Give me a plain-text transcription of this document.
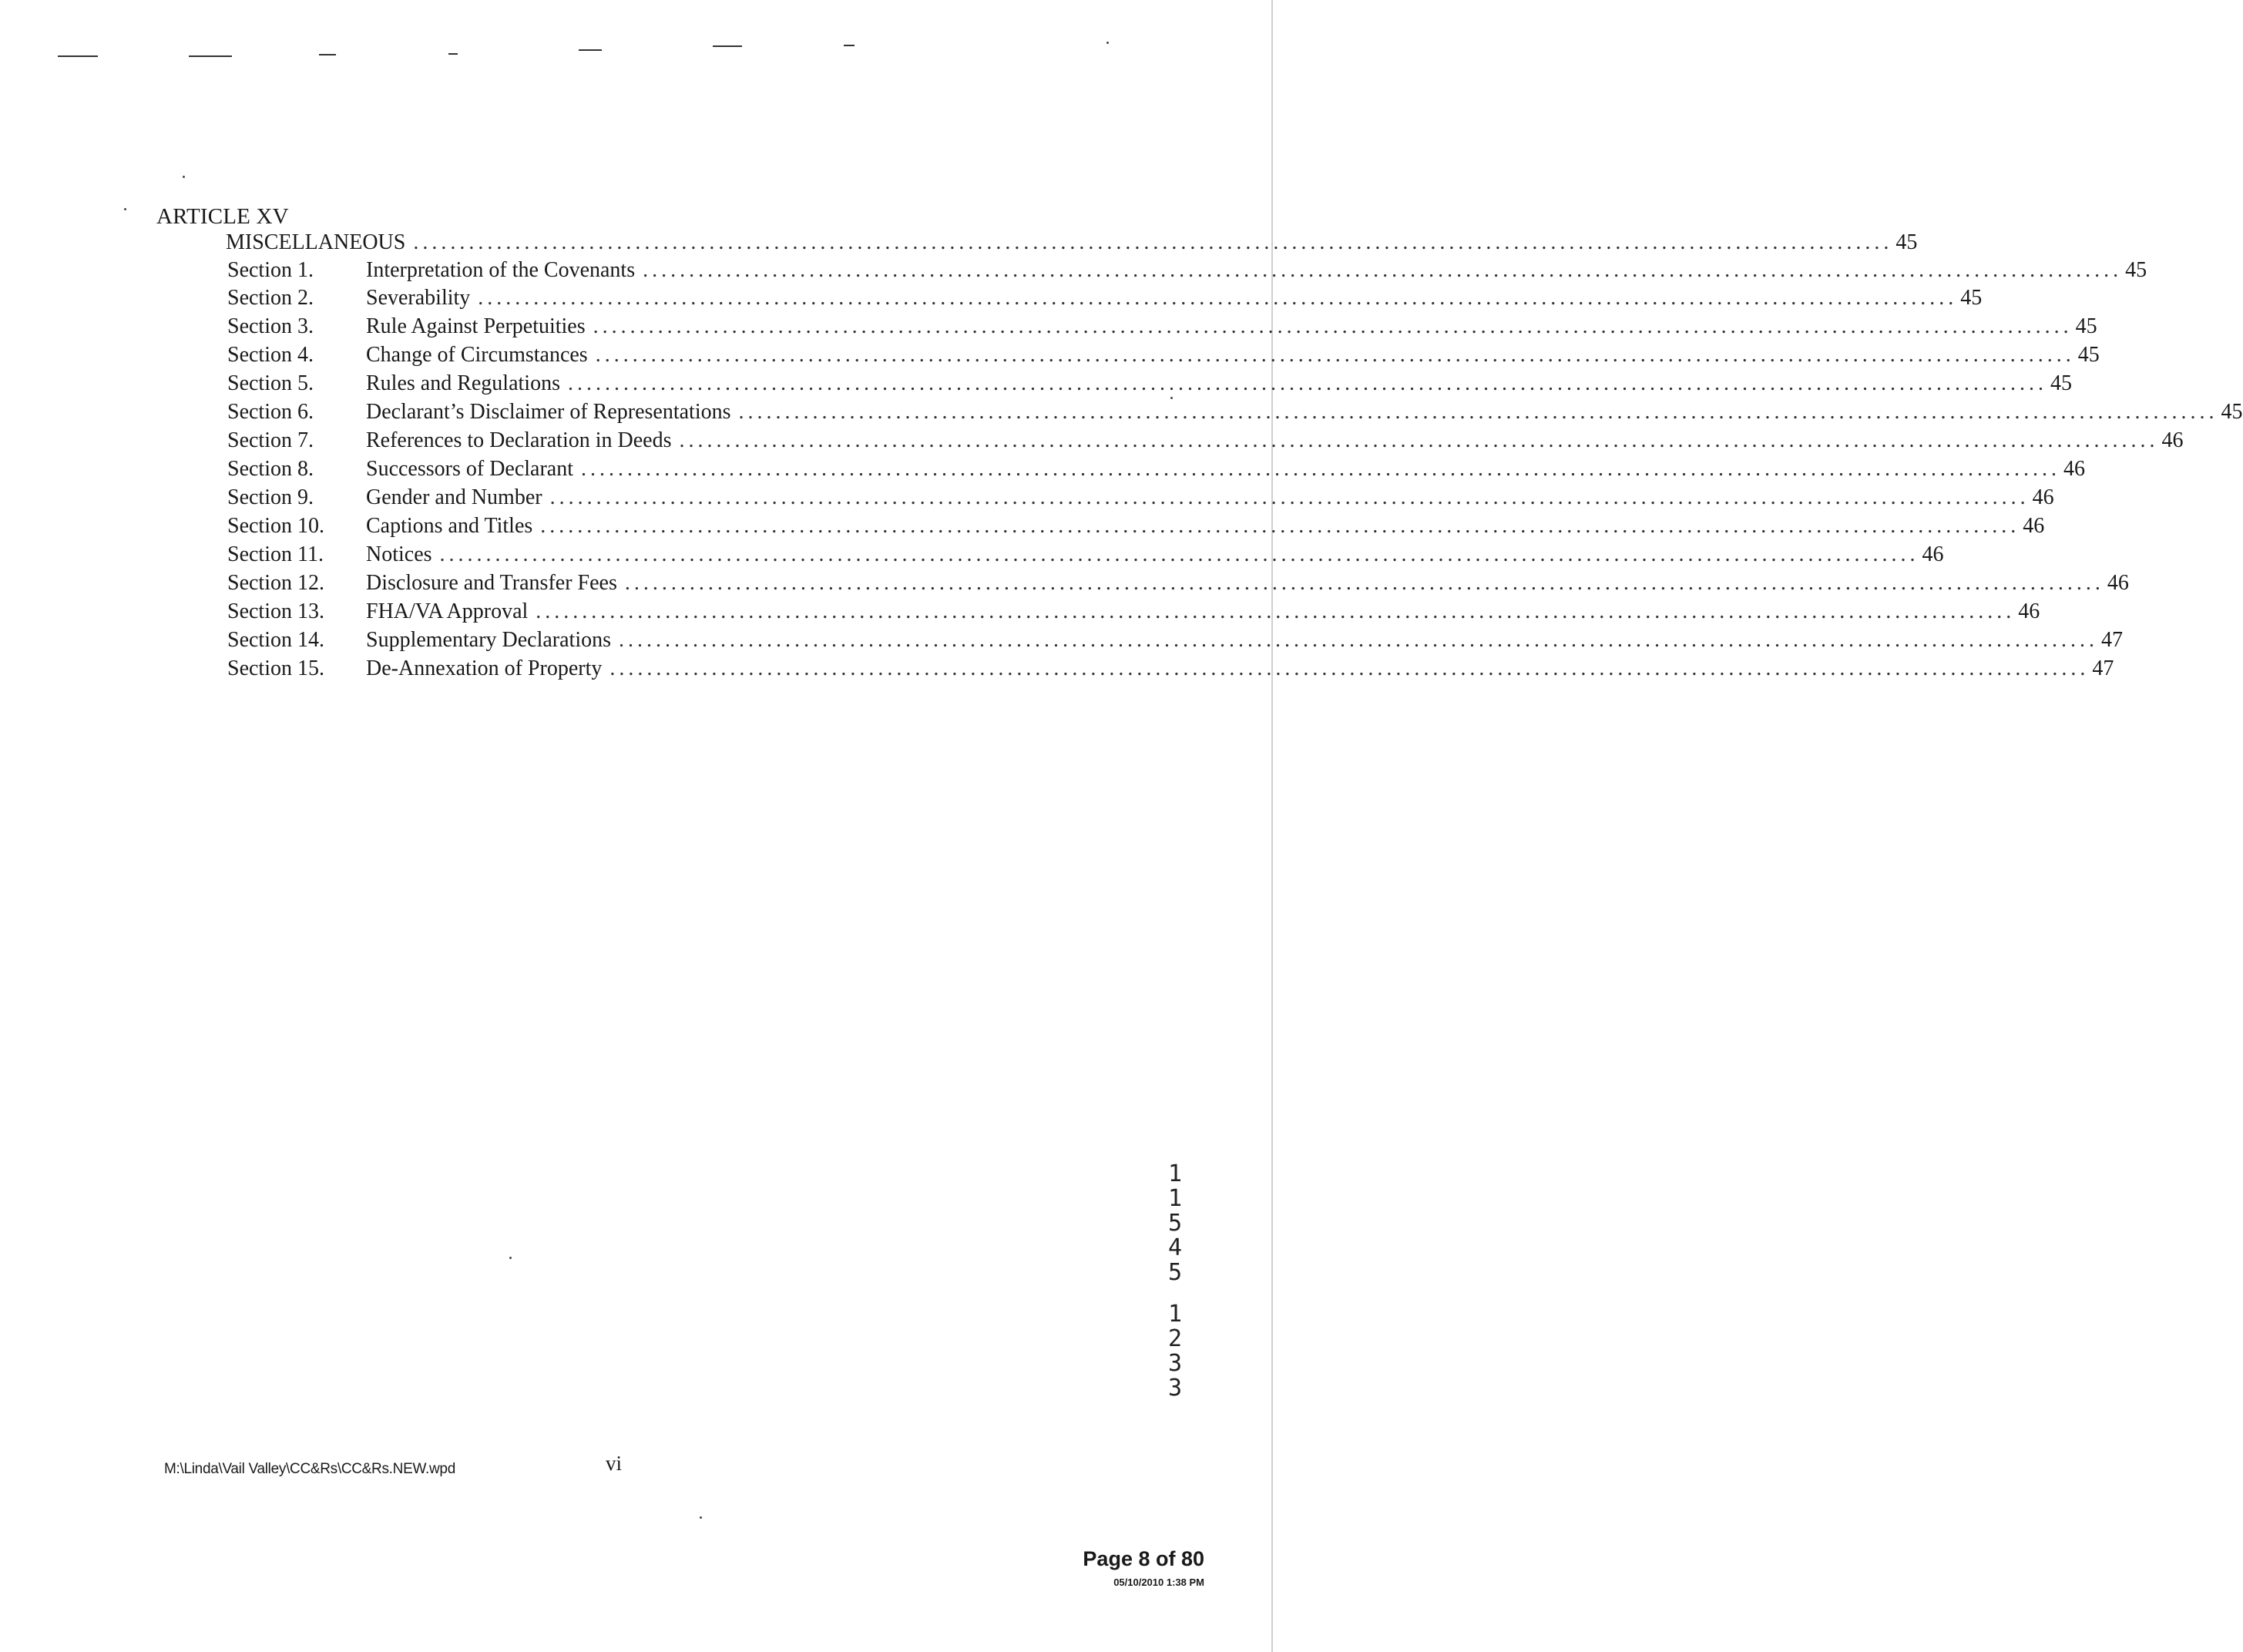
ARTICLE XV
MISCELLANEOUS ................................................................................................................................................................ 45
Section 1.	Interpretation of the Covenants ................................................................................................................................................................ 45
Section 2.	Severability ................................................................................................................................................................ 45
Section 3.	Rule Against Perpetuities ................................................................................................................................................................ 45
Section 4.	Change of Circumstances ................................................................................................................................................................ 45
Section 5.	Rules and Regulations ................................................................................................................................................................ 45
Section 6.	Declarant’s Disclaimer of Representations ................................................................................................................................................................ 45
Section 7.	References to Declaration in Deeds ................................................................................................................................................................ 46
Section 8.	Successors of Declarant ................................................................................................................................................................ 46
Section 9.	Gender and Number ................................................................................................................................................................ 46
Section 10.	Captions and Titles ................................................................................................................................................................ 46
Section 11.	Notices ................................................................................................................................................................ 46
Section 12.	Disclosure and Transfer Fees ................................................................................................................................................................ 46
Section 13.	FHA/VA Approval ................................................................................................................................................................ 46
Section 14.	Supplementary Declarations ................................................................................................................................................................ 47
Section 15.	De-Annexation of Property ................................................................................................................................................................ 47
M:\Linda\Vail Valley\CC&Rs\CC&Rs.NEW.wpd	vi
1
1
5
4
5
1
2
3
3
Page 8 of 80
05/10/2010 1:38 PM
